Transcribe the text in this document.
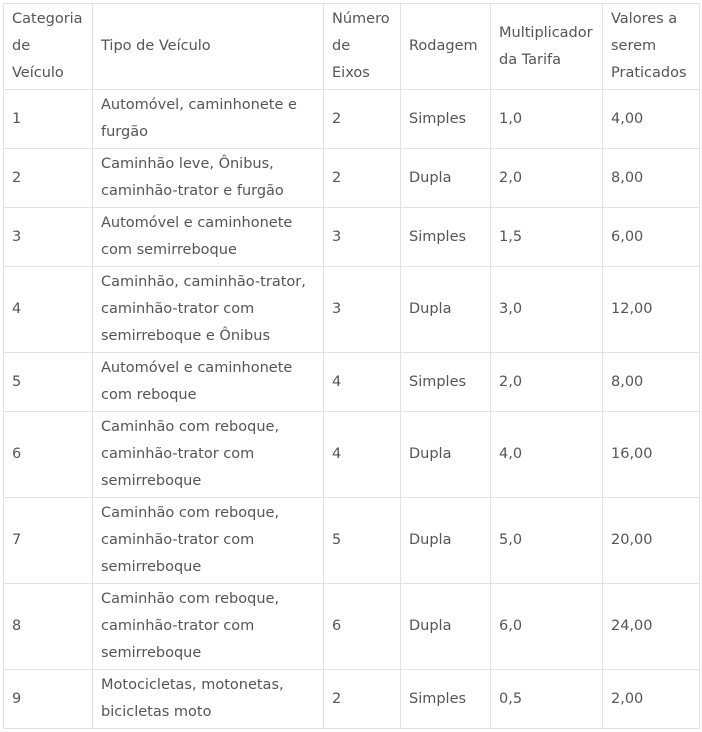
Categoria de Veículo	Tipo de Veículo	Número de Eixos	Rodagem	Multiplicador da Tarifa	Valores a serem Praticados
1	Automóvel, caminhonete e furgão	2	Simples	1,0	4,00
2	Caminhão leve, Ônibus, caminhão-trator e furgão	2	Dupla	2,0	8,00
3	Automóvel e caminhonete com semirreboque	3	Simples	1,5	6,00
4	Caminhão, caminhão-trator, caminhão-trator com semirreboque e Ônibus	3	Dupla	3,0	12,00
5	Automóvel e caminhonete com reboque	4	Simples	2,0	8,00
6	Caminhão com reboque, caminhão-trator com semirreboque	4	Dupla	4,0	16,00
7	Caminhão com reboque, caminhão-trator com semirreboque	5	Dupla	5,0	20,00
8	Caminhão com reboque, caminhão-trator com semirreboque	6	Dupla	6,0	24,00
9	Motocicletas, motonetas, bicicletas moto	2	Simples	0,5	2,00
